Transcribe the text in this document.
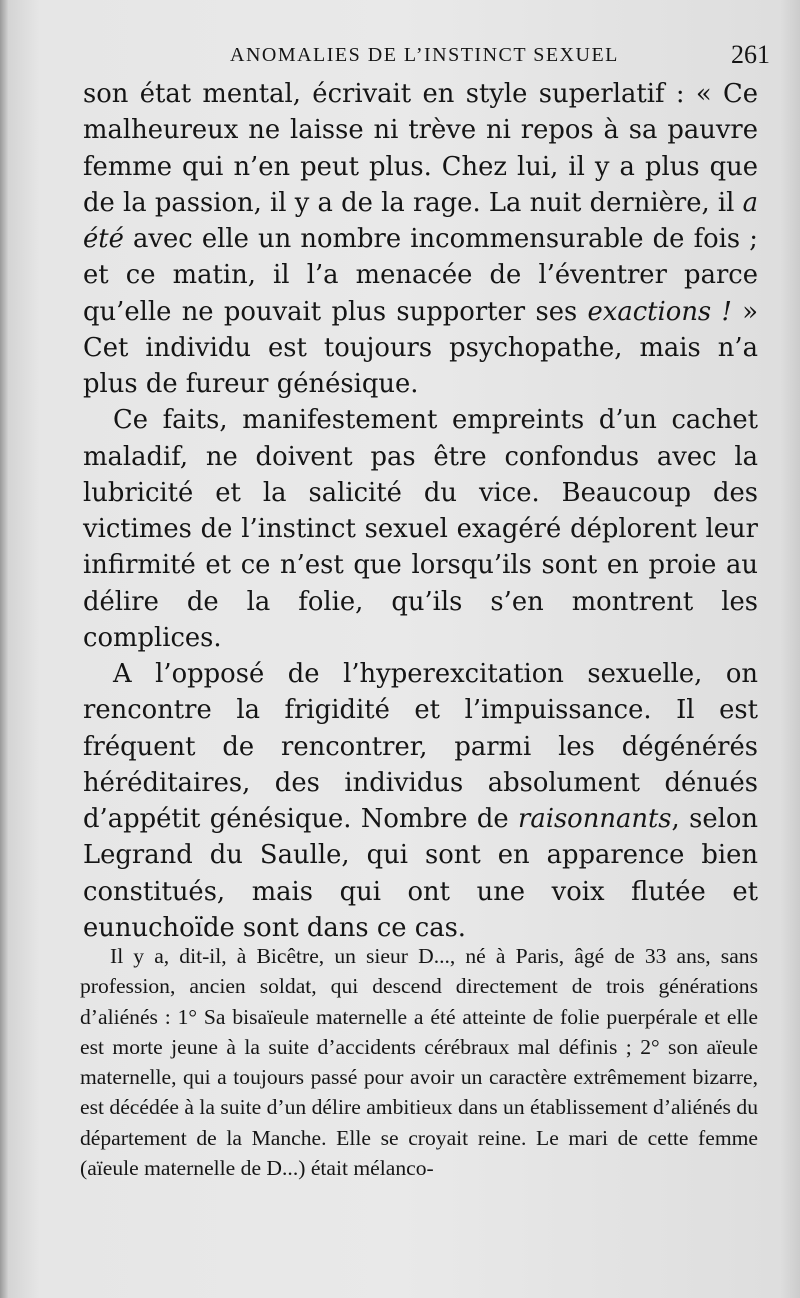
ANOMALIES DE L’INSTINCT SEXUEL	261

son état mental, écrivait en style superlatif : « Ce malheureux ne laisse ni trève ni repos à sa pauvre femme qui n’en peut plus. Chez lui, il y a plus que de la passion, il y a de la rage. La nuit dernière, il a été avec elle un nombre incommensurable de fois ; et ce matin, il l’a menacée de l’éventrer parce qu’elle ne pouvait plus supporter ses exactions ! » Cet individu est toujours psychopathe, mais n’a plus de fureur génésique.

Ce faits, manifestement empreints d’un cachet maladif, ne doivent pas être confondus avec la lubricité et la salicité du vice. Beaucoup des victimes de l’instinct sexuel exagéré déplorent leur infirmité et ce n’est que lorsqu’ils sont en proie au délire de la folie, qu’ils s’en montrent les complices.

A l’opposé de l’hyperexcitation sexuelle, on rencontre la frigidité et l’impuissance. Il est fréquent de rencontrer, parmi les dégénérés héréditaires, des individus absolument dénués d’appétit génésique. Nombre de raisonnants, selon Legrand du Saulle, qui sont en apparence bien constitués, mais qui ont une voix flutée et eunuchoïde sont dans ce cas.

Il y a, dit-il, à Bicêtre, un sieur D..., né à Paris, âgé de 33 ans, sans profession, ancien soldat, qui descend directement de trois générations d’aliénés : 1° Sa bisaïeule maternelle a été atteinte de folie puerpérale et elle est morte jeune à la suite d’accidents cérébraux mal définis ; 2° son aïeule maternelle, qui a toujours passé pour avoir un caractère extrêmement bizarre, est décédée à la suite d’un délire ambitieux dans un établissement d’aliénés du département de la Manche. Elle se croyait reine. Le mari de cette femme (aïeule maternelle de D...) était mélanco-
